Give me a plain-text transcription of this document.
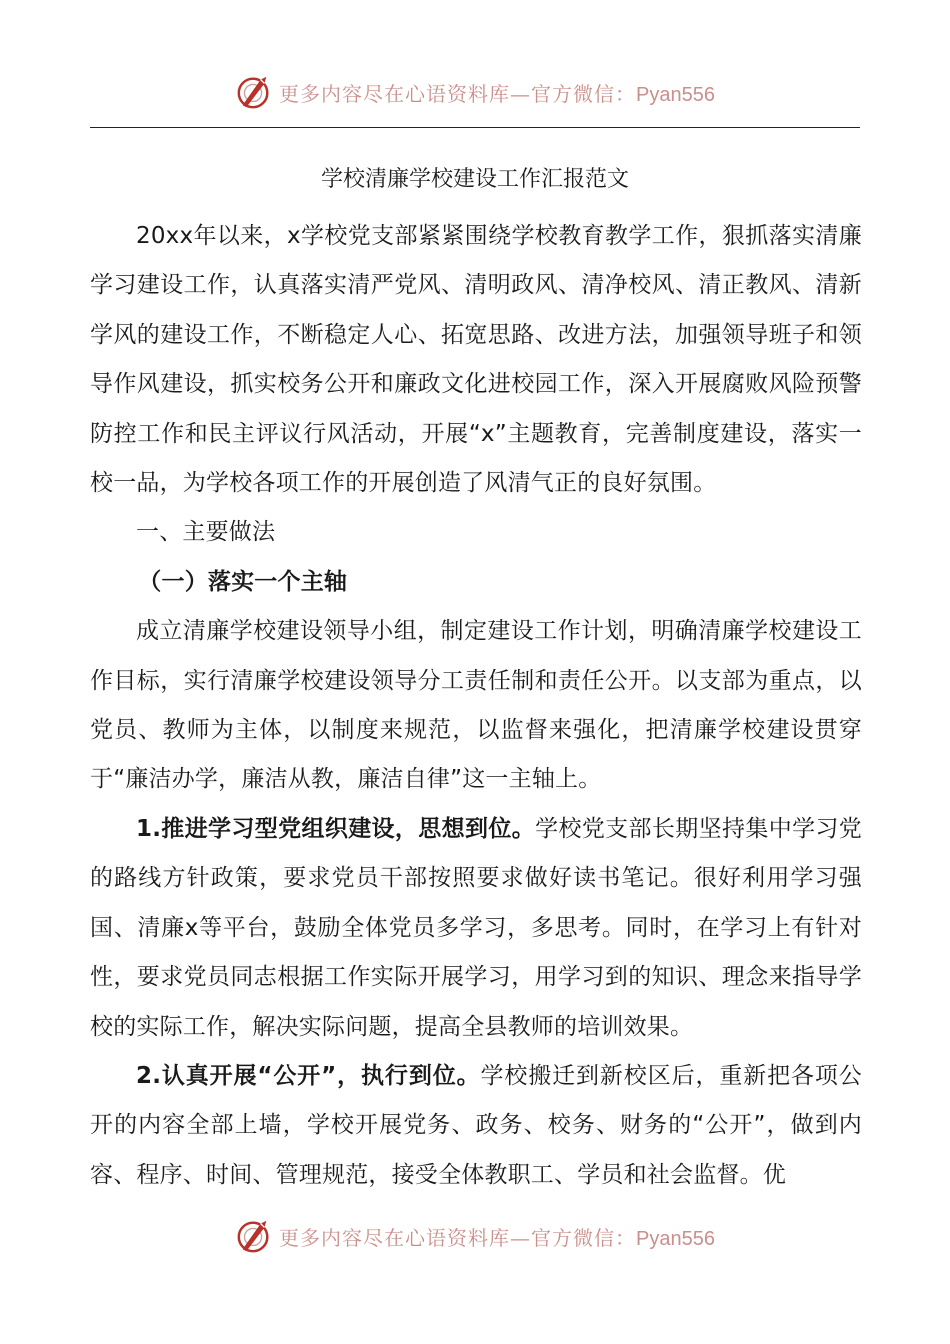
更多内容尽在心语资料库—官方微信：Pyan556
学校清廉学校建设工作汇报范文

20xx年以来，x学校党支部紧紧围绕学校教育教学工作，狠抓落实清廉学习建设工作，认真落实清严党风、清明政风、清净校风、清正教风、清新学风的建设工作，不断稳定人心、拓宽思路、改进方法，加强领导班子和领导作风建设，抓实校务公开和廉政文化进校园工作，深入开展腐败风险预警防控工作和民主评议行风活动，开展“x”主题教育，完善制度建设，落实一校一品，为学校各项工作的开展创造了风清气正的良好氛围。

一、主要做法

（一）落实一个主轴

成立清廉学校建设领导小组，制定建设工作计划，明确清廉学校建设工作目标，实行清廉学校建设领导分工责任制和责任公开。以支部为重点，以党员、教师为主体，以制度来规范，以监督来强化，把清廉学校建设贯穿于“廉洁办学，廉洁从教，廉洁自律”这一主轴上。

1.推进学习型党组织建设，思想到位。学校党支部长期坚持集中学习党的路线方针政策，要求党员干部按照要求做好读书笔记。很好利用学习强国、清廉x等平台，鼓励全体党员多学习，多思考。同时，在学习上有针对性，要求党员同志根据工作实际开展学习，用学习到的知识、理念来指导学校的实际工作，解决实际问题，提高全县教师的培训效果。

2.认真开展“公开”，执行到位。学校搬迁到新校区后，重新把各项公开的内容全部上墙，学校开展党务、政务、校务、财务的“公开”，做到内容、程序、时间、管理规范，接受全体教职工、学员和社会监督。优

更多内容尽在心语资料库—官方微信：Pyan556
